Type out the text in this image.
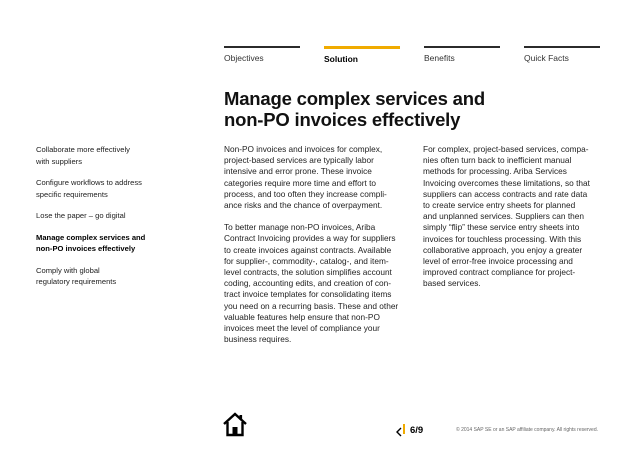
Objectives	Solution	Benefits	Quick Facts
Manage complex services and
non-PO invoices effectively
Collaborate more effectively
with suppliers
Configure workflows to address
specific requirements
Lose the paper – go digital
Manage complex services and
non-PO invoices effectively
Comply with global
regulatory requirements

Non-PO invoices and invoices for complex,
project-based services are typically labor
intensive and error prone. These invoice
categories require more time and effort to
process, and too often they increase compli-
ance risks and the chance of overpayment.

To better manage non-PO invoices, Ariba
Contract Invoicing provides a way for suppliers
to create invoices against contracts. Available
for supplier-, commodity-, catalog-, and item-
level contracts, the solution simplifies account
coding, accounting edits, and creation of con-
tract invoice templates for consolidating items
you need on a recurring basis. These and other
valuable features help ensure that non-PO
invoices meet the level of compliance your
business requires.

For complex, project-based services, compa-
nies often turn back to inefficient manual
methods for processing. Ariba Services
Invoicing overcomes these limitations, so that
suppliers can access contracts and rate data
to create service entry sheets for planned
and unplanned services. Suppliers can then
simply “flip” these service entry sheets into
invoices for touchless processing. With this
collaborative approach, you enjoy a greater
level of error-free invoice processing and
improved contract compliance for project-
based services.

6/9	© 2014 SAP SE or an SAP affiliate company. All rights reserved.
